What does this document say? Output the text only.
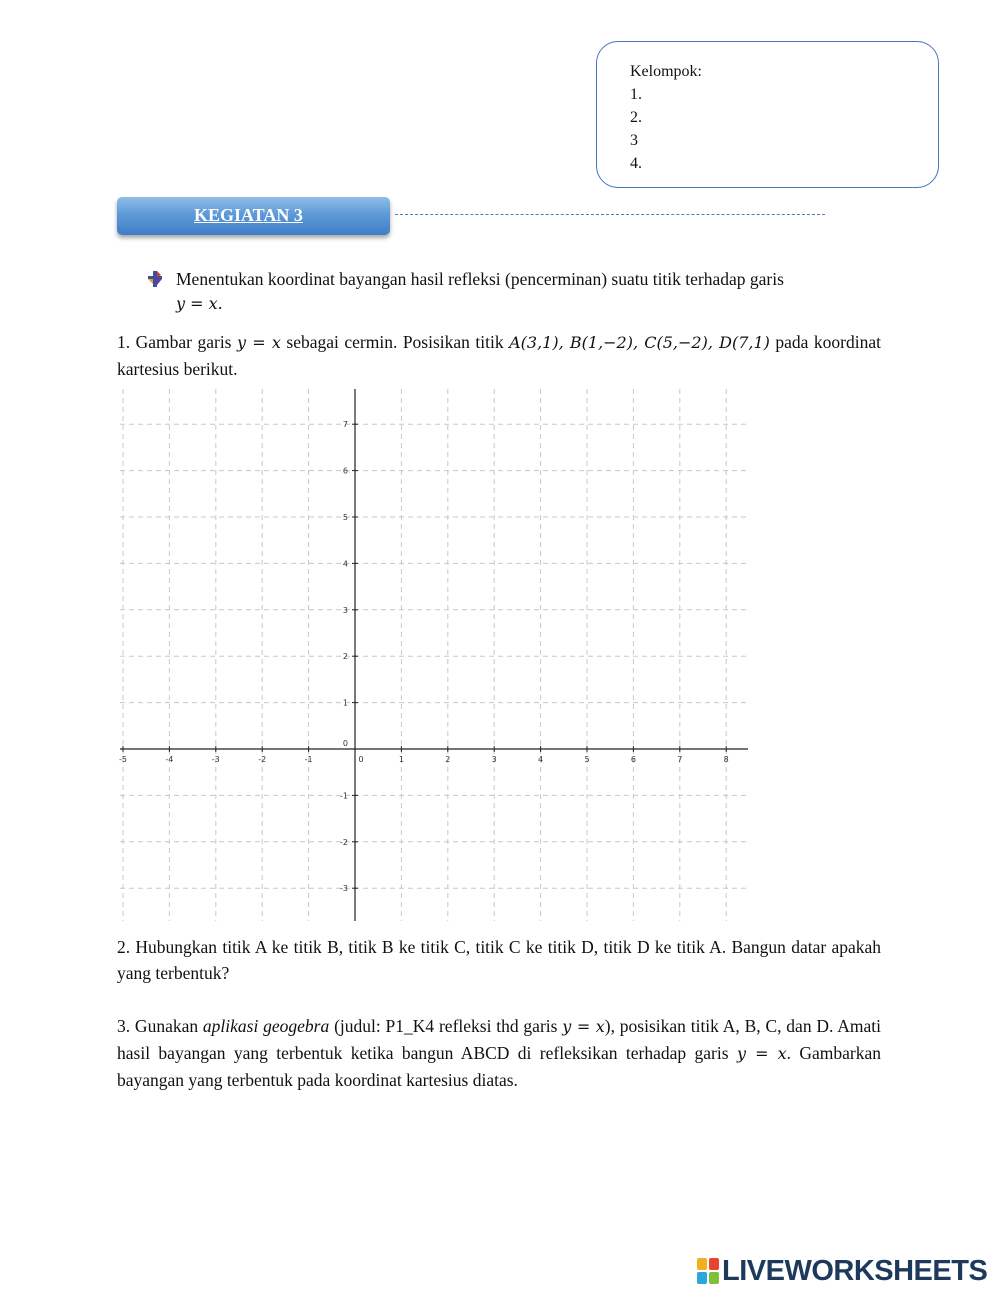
Kelompok:
1.
2.
3
4.
KEGIATAN 3
Menentukan koordinat bayangan hasil refleksi (pencerminan) suatu titik terhadap garis
y = x.
1. Gambar garis y = x sebagai cermin. Posisikan titik A(3,1), B(1,−2), C(5,−2), D(7,1) pada koordinat kartesius berikut.
-5	-4	-3	-2	-1	0	1	2	3	4	5	6	7	8
-3
-2
-1
0
1
2
3
4
5
6
7
2. Hubungkan titik A ke titik B, titik B ke titik C, titik C ke titik D, titik D ke titik A. Bangun datar apakah yang terbentuk?
3. Gunakan aplikasi geogebra (judul: P1_K4 refleksi thd garis y = x), posisikan titik A, B, C, dan D. Amati hasil bayangan yang terbentuk ketika bangun ABCD di refleksikan terhadap garis y = x. Gambarkan bayangan yang terbentuk pada koordinat kartesius diatas.
LIVEWORKSHEETS
